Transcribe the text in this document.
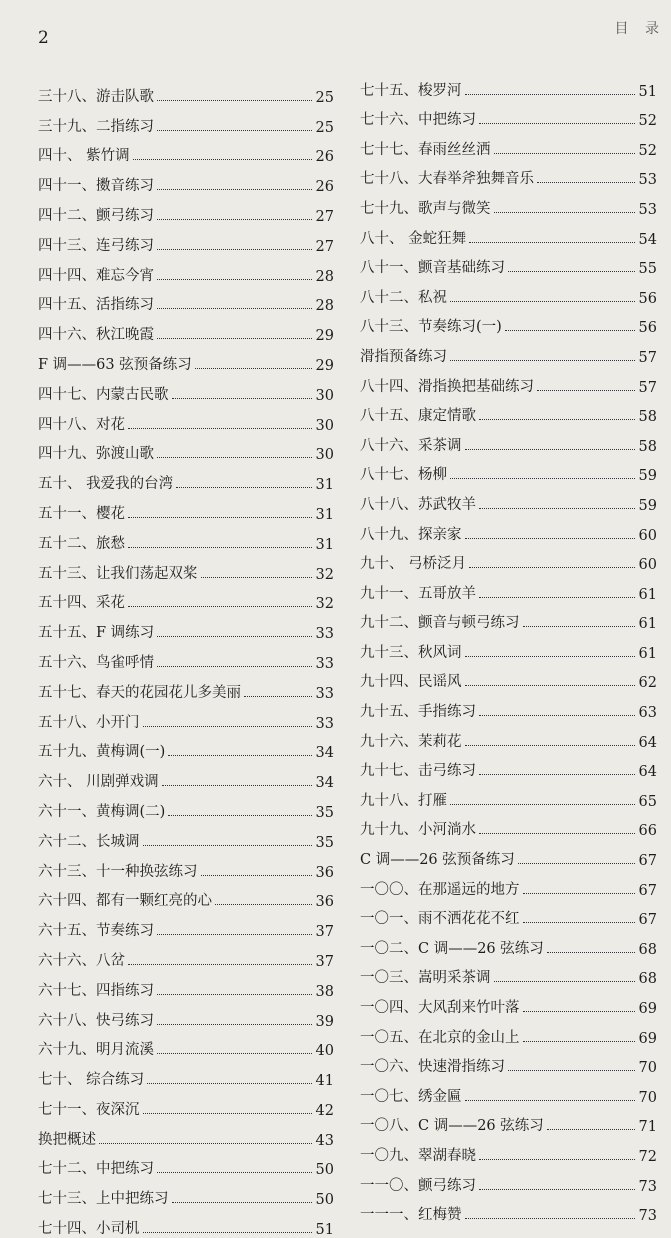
2	目 录
三十八、游击队歌	25
三十九、二指练习	25
四十、 紫竹调	26
四十一、擞音练习	26
四十二、颤弓练习	27
四十三、连弓练习	27
四十四、难忘今宵	28
四十五、活指练习	28
四十六、秋江晚霞	29
F 调——63 弦预备练习	29
四十七、内蒙古民歌	30
四十八、对花	30
四十九、弥渡山歌	30
五十、 我爱我的台湾	31
五十一、樱花	31
五十二、旅愁	31
五十三、让我们荡起双桨	32
五十四、采花	32
五十五、F 调练习	33
五十六、鸟雀呼情	33
五十七、春天的花园花儿多美丽	33
五十八、小开门	33
五十九、黄梅调(一)	34
六十、 川剧弹戏调	34
六十一、黄梅调(二)	35
六十二、长城调	35
六十三、十一种换弦练习	36
六十四、都有一颗红亮的心	36
六十五、节奏练习	37
六十六、八岔	37
六十七、四指练习	38
六十八、快弓练习	39
六十九、明月流溪	40
七十、 综合练习	41
七十一、夜深沉	42
换把概述	43
七十二、中把练习	50
七十三、上中把练习	50
七十四、小司机	51
七十五、梭罗河	51
七十六、中把练习	52
七十七、春雨丝丝洒	52
七十八、大春举斧独舞音乐	53
七十九、歌声与微笑	53
八十、 金蛇狂舞	54
八十一、颤音基础练习	55
八十二、私祝	56
八十三、节奏练习(一)	56
滑指预备练习	57
八十四、滑指换把基础练习	57
八十五、康定情歌	58
八十六、采茶调	58
八十七、杨柳	59
八十八、苏武牧羊	59
八十九、探亲家	60
九十、 弓桥泛月	60
九十一、五哥放羊	61
九十二、颤音与顿弓练习	61
九十三、秋风词	61
九十四、民谣风	62
九十五、手指练习	63
九十六、茉莉花	64
九十七、击弓练习	64
九十八、打雁	65
九十九、小河淌水	66
C 调——26 弦预备练习	67
一〇〇、在那遥远的地方	67
一〇一、雨不洒花花不红	67
一〇二、C 调——26 弦练习	68
一〇三、嵩明采茶调	68
一〇四、大风刮来竹叶落	69
一〇五、在北京的金山上	69
一〇六、快速滑指练习	70
一〇七、绣金匾	70
一〇八、C 调——26 弦练习	71
一〇九、翠湖春晓	72
一一〇、颤弓练习	73
一一一、红梅赞	73
